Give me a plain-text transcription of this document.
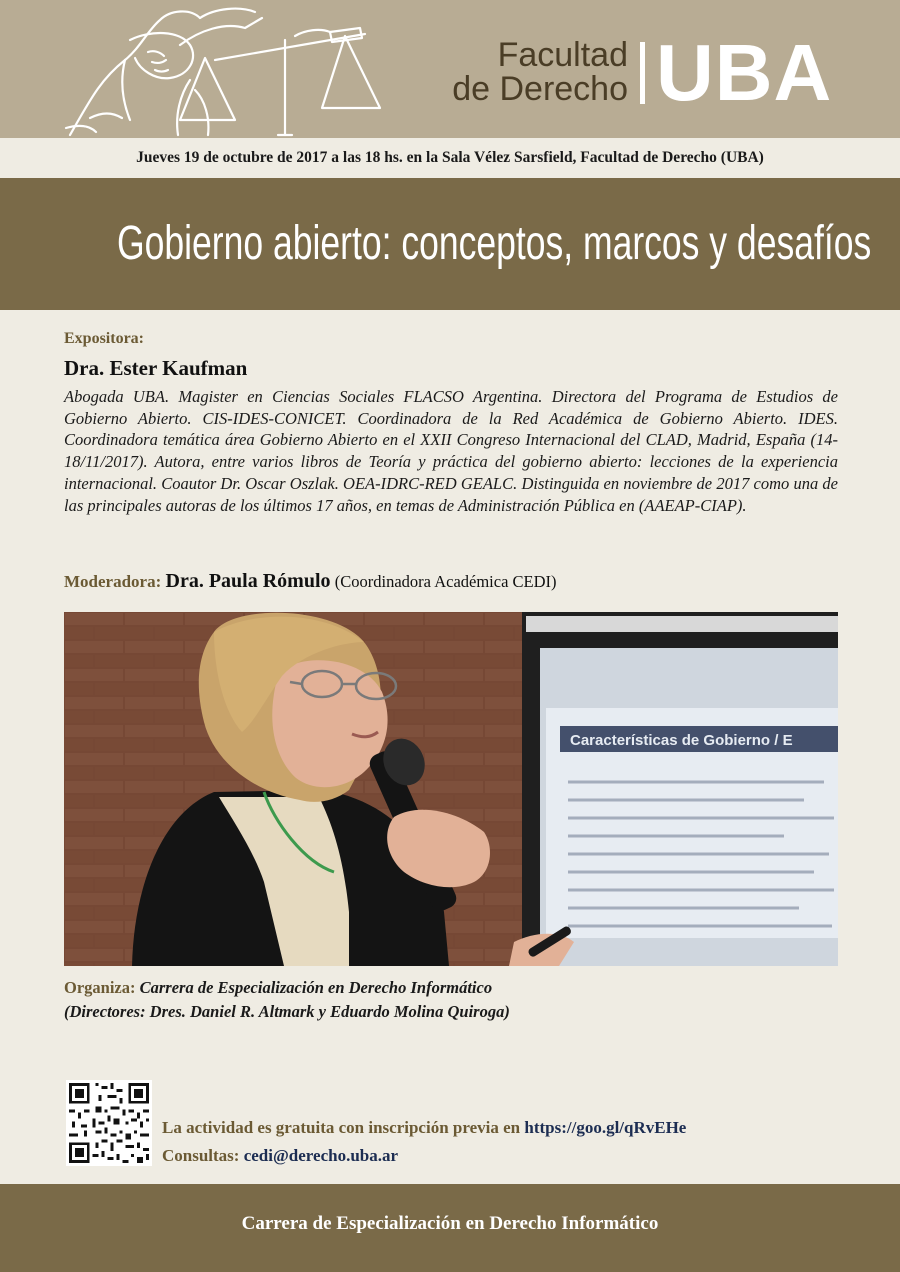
Facultad
de Derecho UBA
Jueves 19 de octubre de 2017 a las 18 hs. en la Sala Vélez Sarsfield, Facultad de Derecho (UBA)
Gobierno abierto: conceptos, marcos y desafíos
Expositora:
Dra. Ester Kaufman
Abogada UBA. Magister en Ciencias Sociales FLACSO Argentina. Directora del Programa de Estudios de Gobierno Abierto. CIS-IDES-CONICET. Coordinadora de la Red Académica de Gobierno Abierto. IDES. Coordinadora temática área Gobierno Abierto en el XXII Congreso Internacional del CLAD, Madrid, España (14-18/11/2017). Autora, entre varios libros de Teoría y práctica del gobierno abierto: lecciones de la experiencia internacional. Coautor Dr. Oscar Oszlak. OEA-IDRC-RED GEALC. Distinguida en noviembre de 2017 como una de las principales autoras de los últimos 17 años, en temas de Administración Pública en (AAEAP-CIAP).
Moderadora: Dra. Paula Rómulo (Coordinadora Académica CEDI)
Características de Gobierno / E
Organiza: Carrera de Especialización en Derecho Informático
(Directores: Dres. Daniel R. Altmark y Eduardo Molina Quiroga)
La actividad es gratuita con inscripción previa en https://goo.gl/qRvEHe
Consultas: cedi@derecho.uba.ar
Carrera de Especialización en Derecho Informático
